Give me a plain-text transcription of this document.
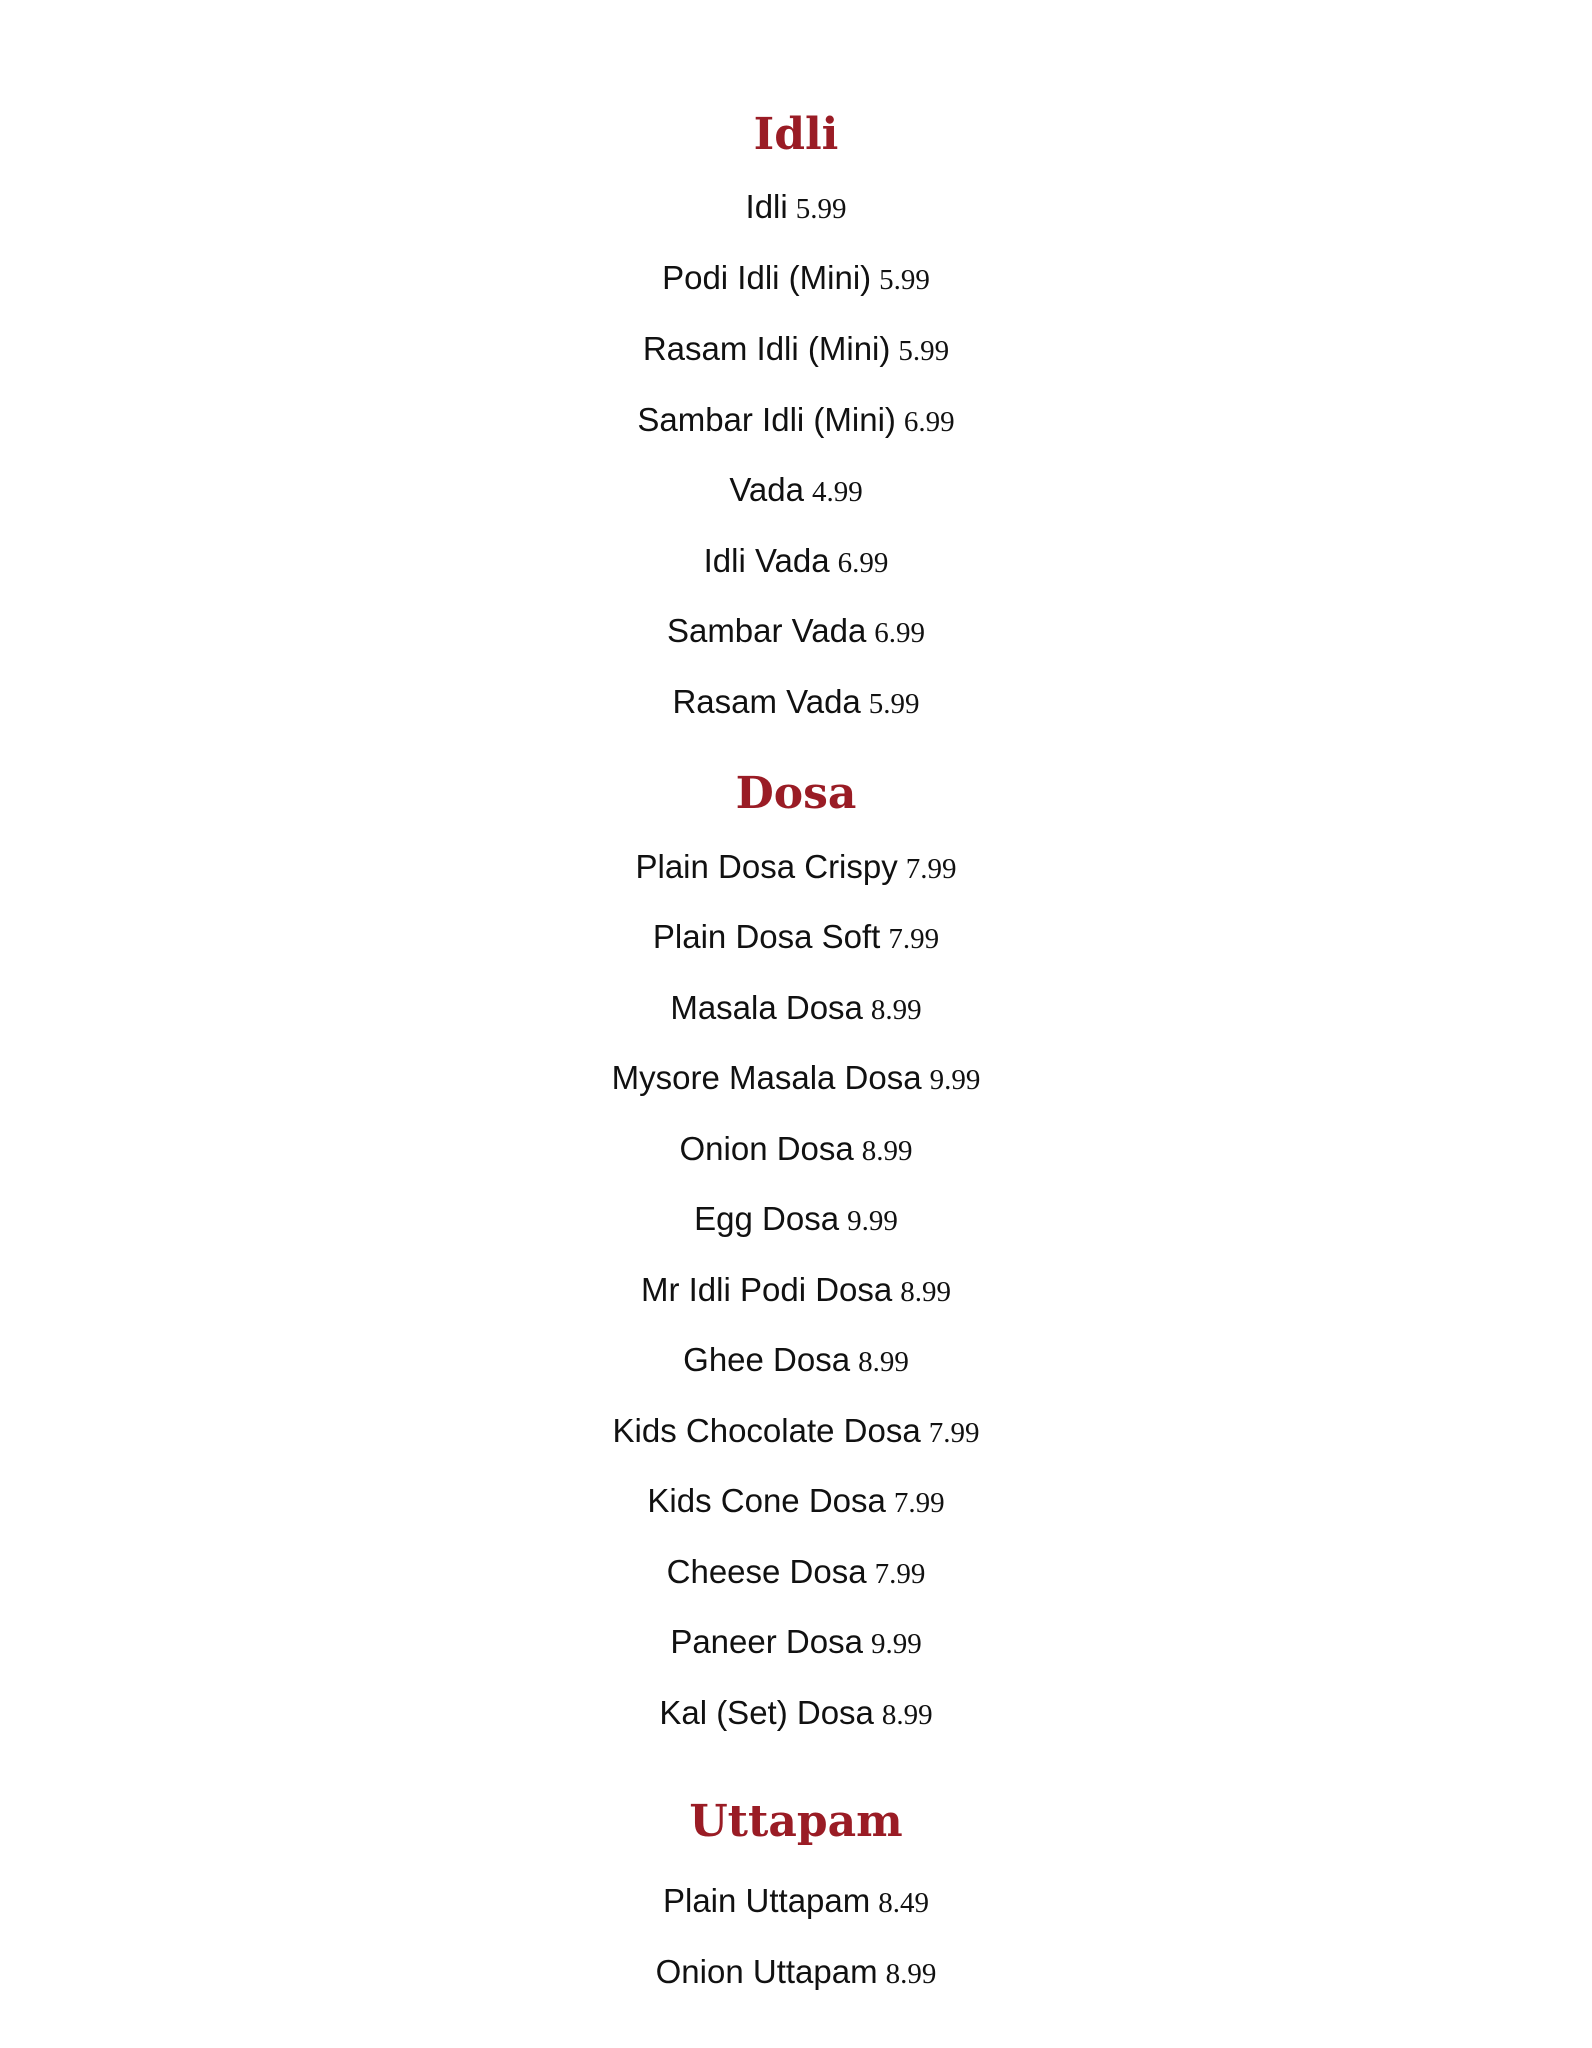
Idli
Idli 5.99
Podi Idli (Mini) 5.99
Rasam Idli (Mini) 5.99
Sambar Idli (Mini) 6.99
Vada 4.99
Idli Vada 6.99
Sambar Vada 6.99
Rasam Vada 5.99
Dosa
Plain Dosa Crispy 7.99
Plain Dosa Soft 7.99
Masala Dosa 8.99
Mysore Masala Dosa 9.99
Onion Dosa 8.99
Egg Dosa 9.99
Mr Idli Podi Dosa 8.99
Ghee Dosa 8.99
Kids Chocolate Dosa 7.99
Kids Cone Dosa 7.99
Cheese Dosa 7.99
Paneer Dosa 9.99
Kal (Set) Dosa 8.99
Uttapam
Plain Uttapam 8.49
Onion Uttapam 8.99
